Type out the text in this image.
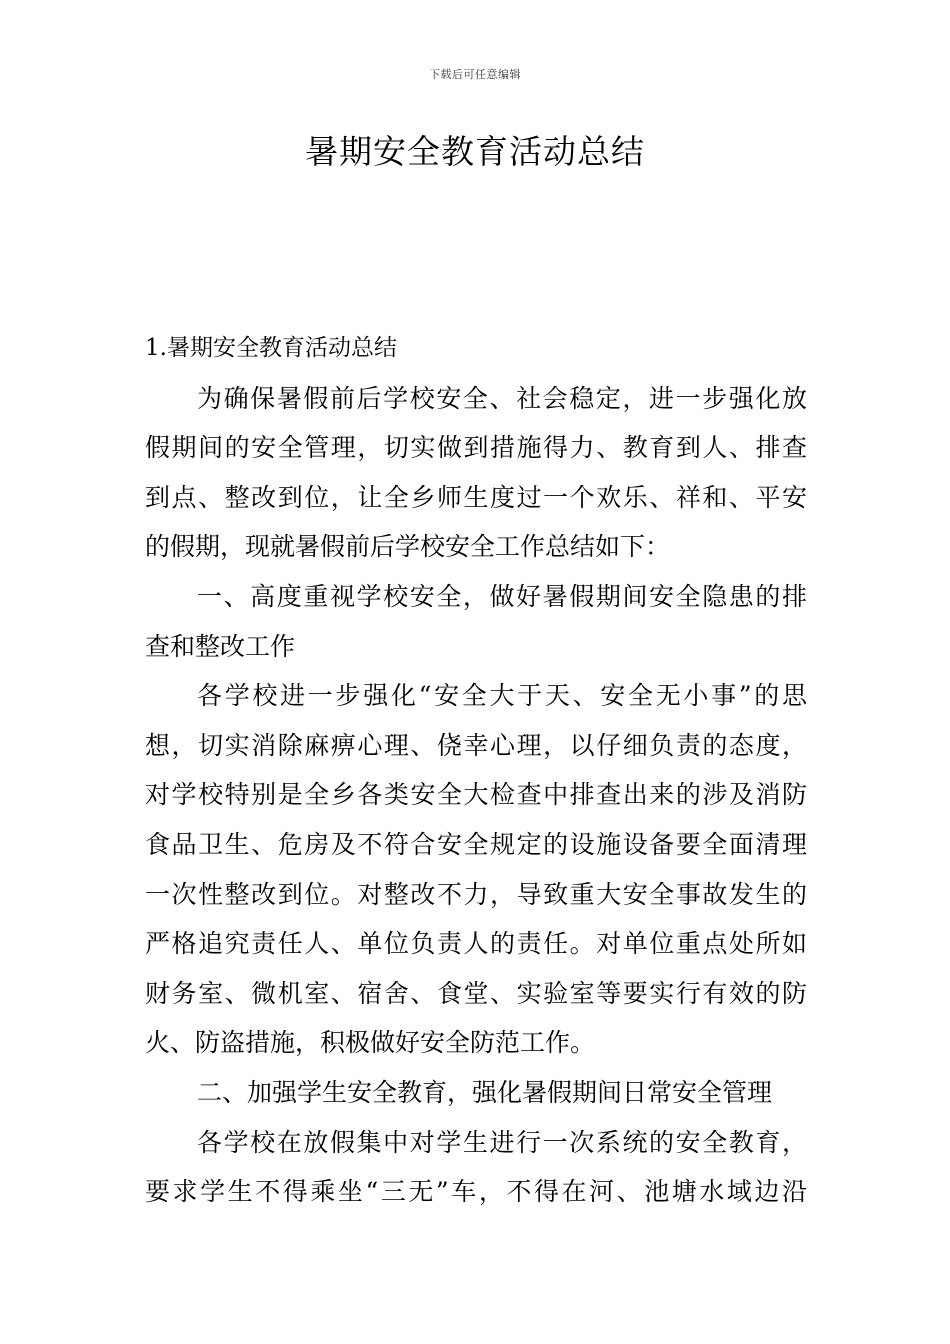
下载后可任意编辑
暑期安全教育活动总结
1.暑期安全教育活动总结
为确保暑假前后学校安全、社会稳定，进一步强化放
假期间的安全管理，切实做到措施得力、教育到人、排查
到点、整改到位，让全乡师生度过一个欢乐、祥和、平安
的假期，现就暑假前后学校安全工作总结如下：
一、高度重视学校安全，做好暑假期间安全隐患的排
查和整改工作
各学校进一步强化“安全大于天、安全无小事”的思
想，切实消除麻痹心理、侥幸心理，以仔细负责的态度，
对学校特别是全乡各类安全大检查中排查出来的涉及消防
食品卫生、危房及不符合安全规定的设施设备要全面清理
一次性整改到位。对整改不力，导致重大安全事故发生的
严格追究责任人、单位负责人的责任。对单位重点处所如
财务室、微机室、宿舍、食堂、实验室等要实行有效的防
火、防盗措施，积极做好安全防范工作。
二、加强学生安全教育，强化暑假期间日常安全管理
各学校在放假集中对学生进行一次系统的安全教育，
要求学生不得乘坐“三无”车，不得在河、池塘水域边沿
